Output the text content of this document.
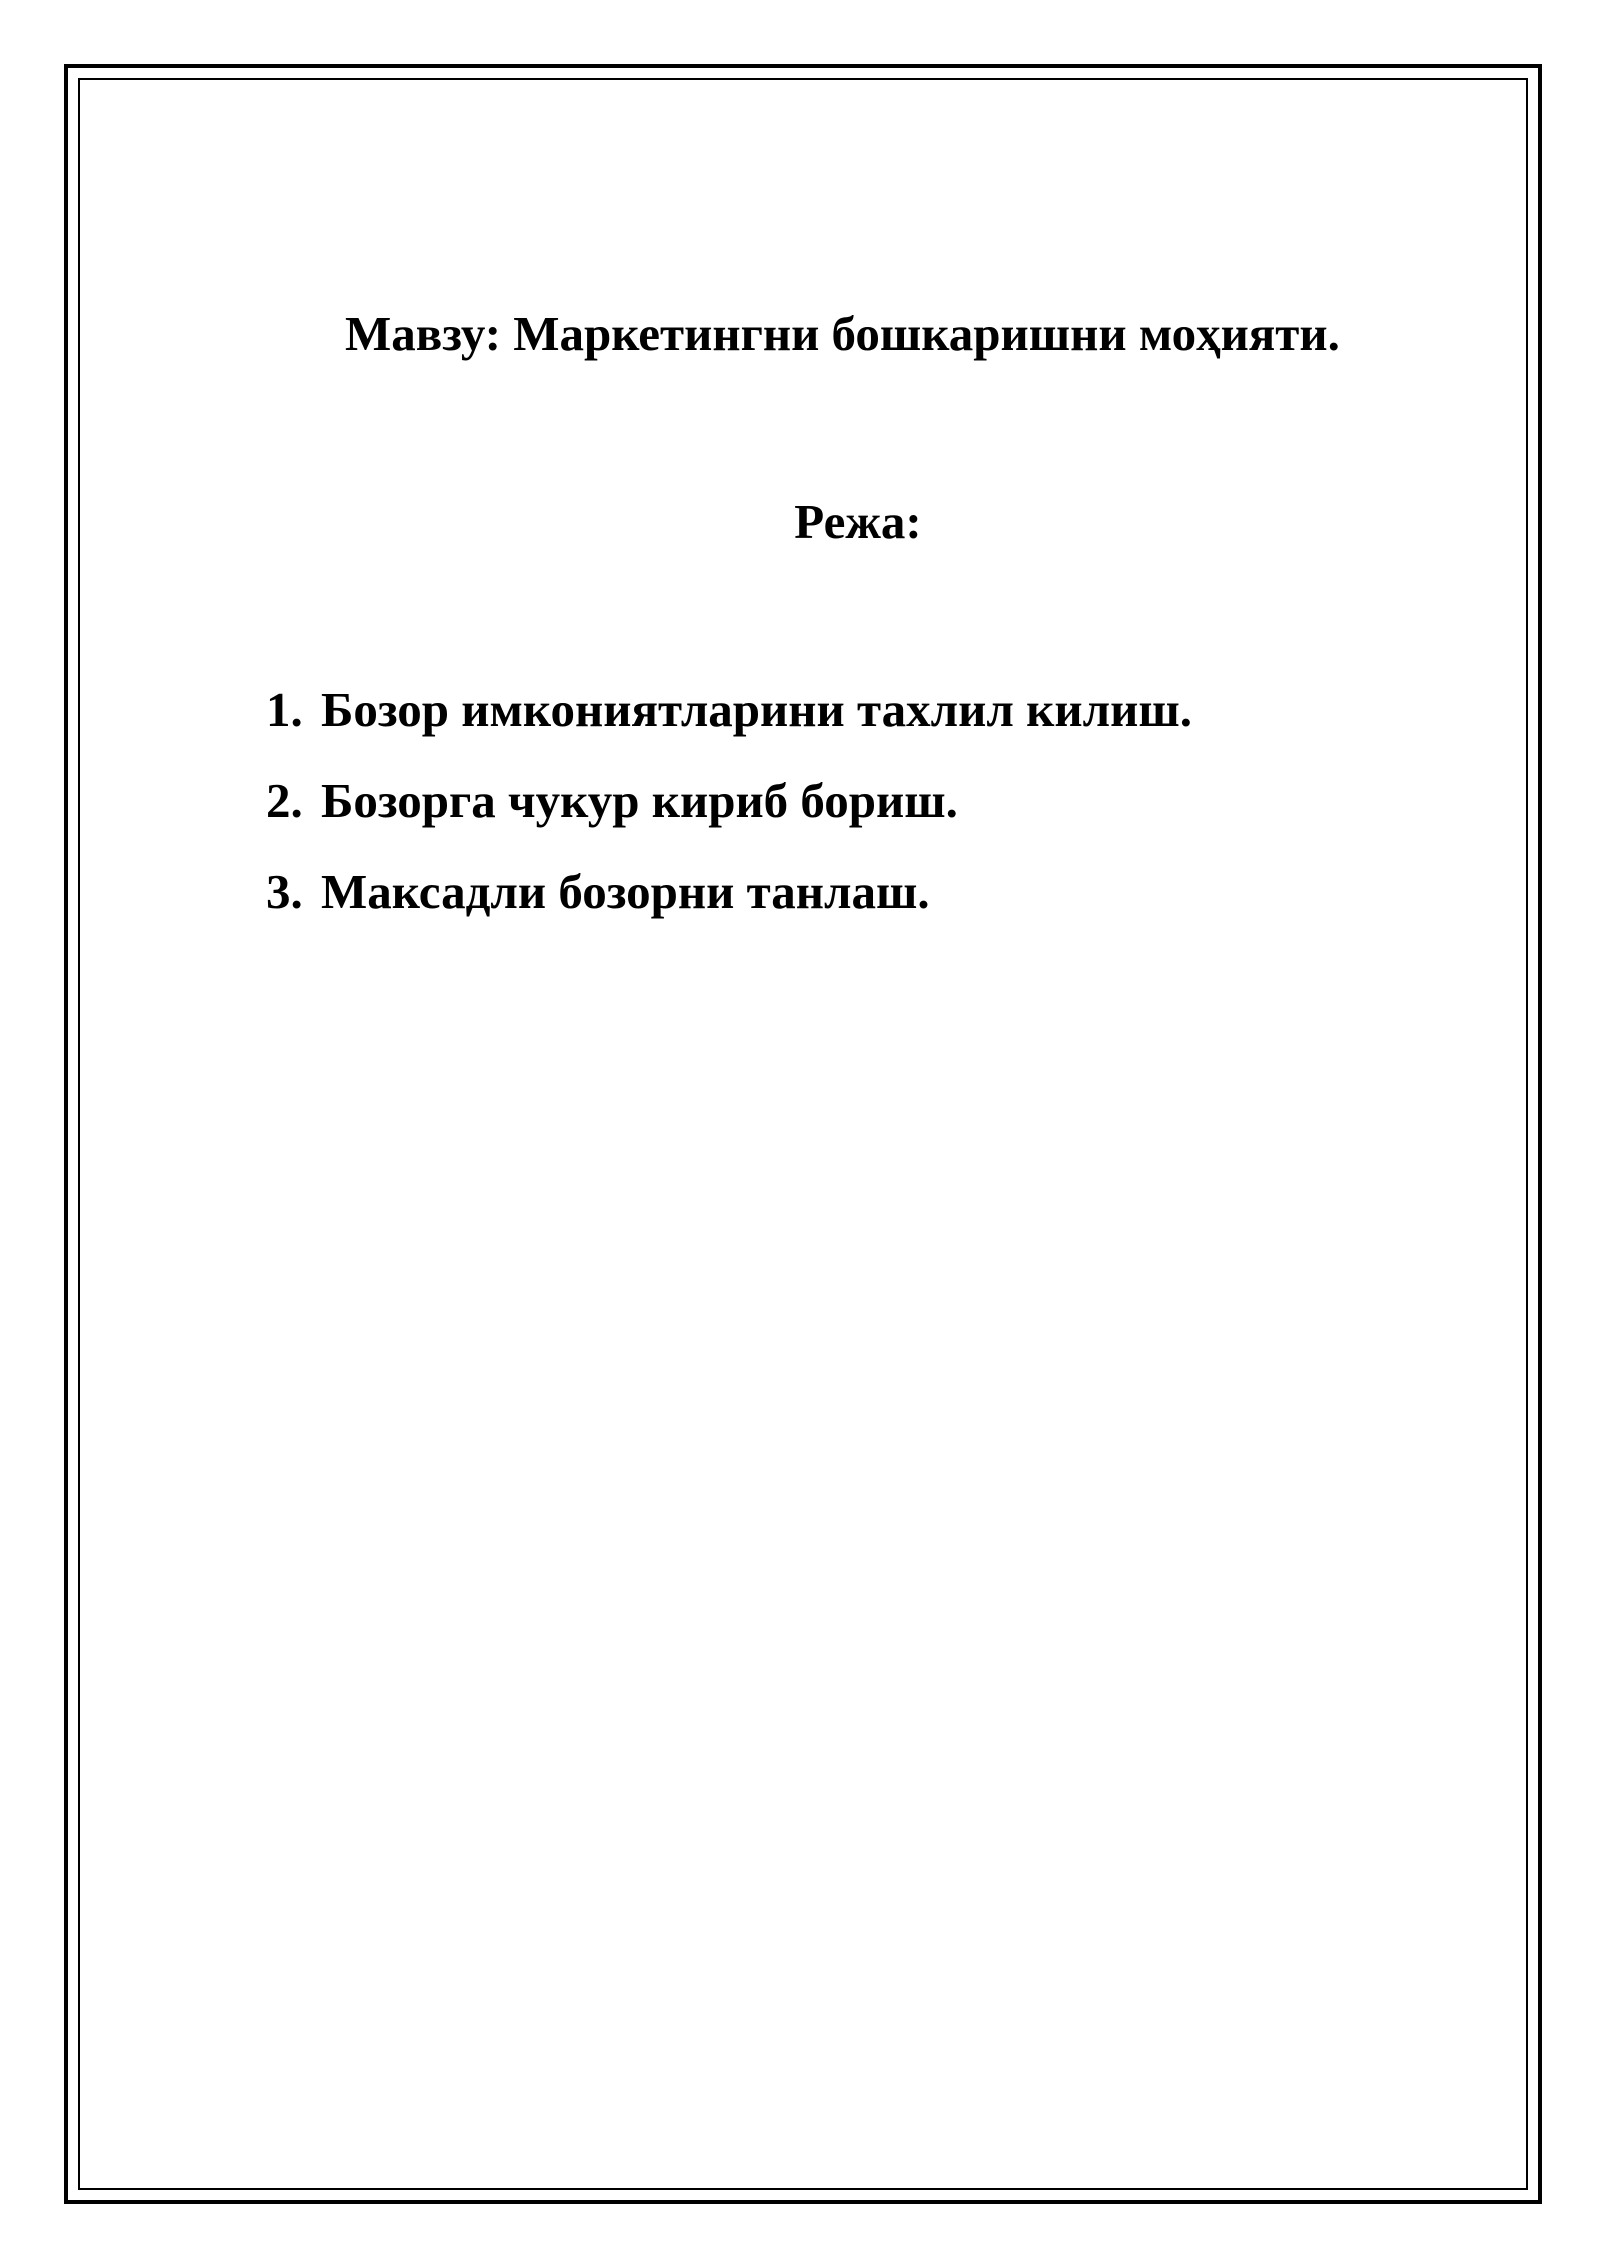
Мавзу: Маркетингни бошкаришни моҳияти.
Режа:
1. Бозор имкониятларини тахлил килиш.
2. Бозорга чукур кириб бориш.
3. Максадли бозорни танлаш.
